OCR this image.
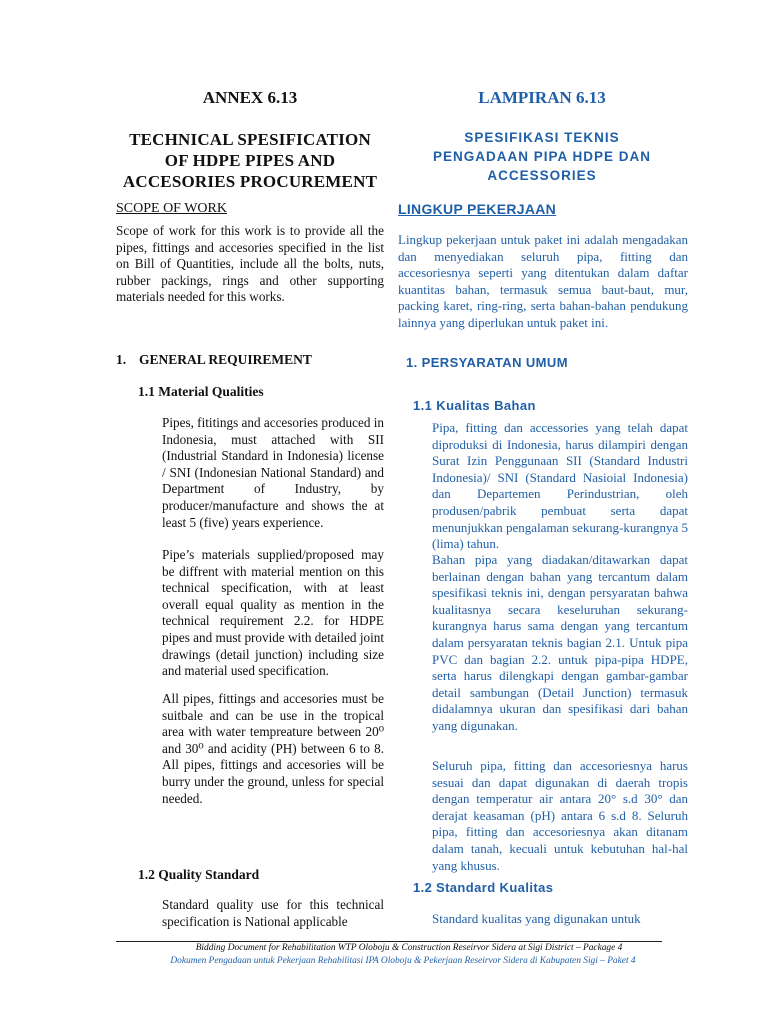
ANNEX 6.13
TECHNICAL SPESIFICATION
OF HDPE PIPES AND
ACCESORIES PROCUREMENT
SCOPE OF WORK

Scope of work for this work is to provide all the pipes, fittings and accesories specified in the list on Bill of Quantities, include all the bolts, nuts, rubber packings, rings and other supporting materials needed for this works.

1. GENERAL REQUIREMENT
1.1 Material Qualities

Pipes, fititings and accesories produced in Indonesia, must attached with SII (Industrial Standard in Indonesia) license / SNI (Indonesian National Standard) and Department of Industry, by producer/manufacture and shows the at least 5 (five) years experience.

Pipe’s materials supplied/proposed may be diffrent with material mention on this technical specification, with at least overall equal quality as mention in the technical requirement 2.2. for HDPE pipes and must provide with detailed joint drawings (detail junction) including size and material used specification.

All pipes, fittings and accesories must be suitbale and can be use in the tropical area with water tempreature between 20⁰ and 30⁰ and acidity (PH) between 6 to 8. All pipes, fittings and accesories will be burry under the ground, unless for special needed.

1.2 Quality Standard

Standard quality use for this technical specification is National applicable

LAMPIRAN 6.13
SPESIFIKASI TEKNIS
PENGADAAN PIPA HDPE DAN
ACCESSORIES
LINGKUP PEKERJAAN

Lingkup pekerjaan untuk paket ini adalah mengadakan dan menyediakan seluruh pipa, fitting dan accesoriesnya seperti yang ditentukan dalam daftar kuantitas bahan, termasuk semua baut-baut, mur, packing karet, ring-ring, serta bahan-bahan pendukung lainnya yang diperlukan untuk paket ini.

1. PERSYARATAN UMUM
1.1 Kualitas Bahan

Pipa, fitting dan accessories yang telah dapat diproduksi di Indonesia, harus dilampiri dengan Surat Izin Penggunaan SII (Standard Industri Indonesia)/ SNI (Standard Nasioial Indonesia) dan Departemen Perindustrian, oleh produsen/pabrik pembuat serta dapat menunjukkan pengalaman sekurang-kurangnya 5 (lima) tahun.

Bahan pipa yang diadakan/ditawarkan dapat berlainan dengan bahan yang tercantum dalam spesifikasi teknis ini, dengan persyaratan bahwa kualitasnya secara keseluruhan sekurang-kurangnya harus sama dengan yang tercantum dalam persyaratan teknis bagian 2.1. Untuk pipa PVC dan bagian 2.2. untuk pipa-pipa HDPE, serta harus dilengkapi dengan gambar-gambar detail sambungan (Detail Junction) termasuk didalamnya ukuran dan spesifikasi dari bahan yang digunakan.

Seluruh pipa, fitting dan accesoriesnya harus sesuai dan dapat digunakan di daerah tropis dengan temperatur air antara 20° s.d 30° dan derajat keasaman (pH) antara 6 s.d 8. Seluruh pipa, fitting dan accesoriesnya akan ditanam dalam tanah, kecuali untuk kebutuhan hal-hal yang khusus.

1.2 Standard Kualitas

Standard kualitas yang digunakan untuk

Bidding Document for Rehabilitation WTP Oloboju & Construction Reseirvor Sidera at Sigi District – Package 4
Dokumen Pengadaan untuk Pekerjaan Rehabilitasi IPA Oloboju & Pekerjaan Reseirvor Sidera di Kabupaten Sigi – Paket 4
